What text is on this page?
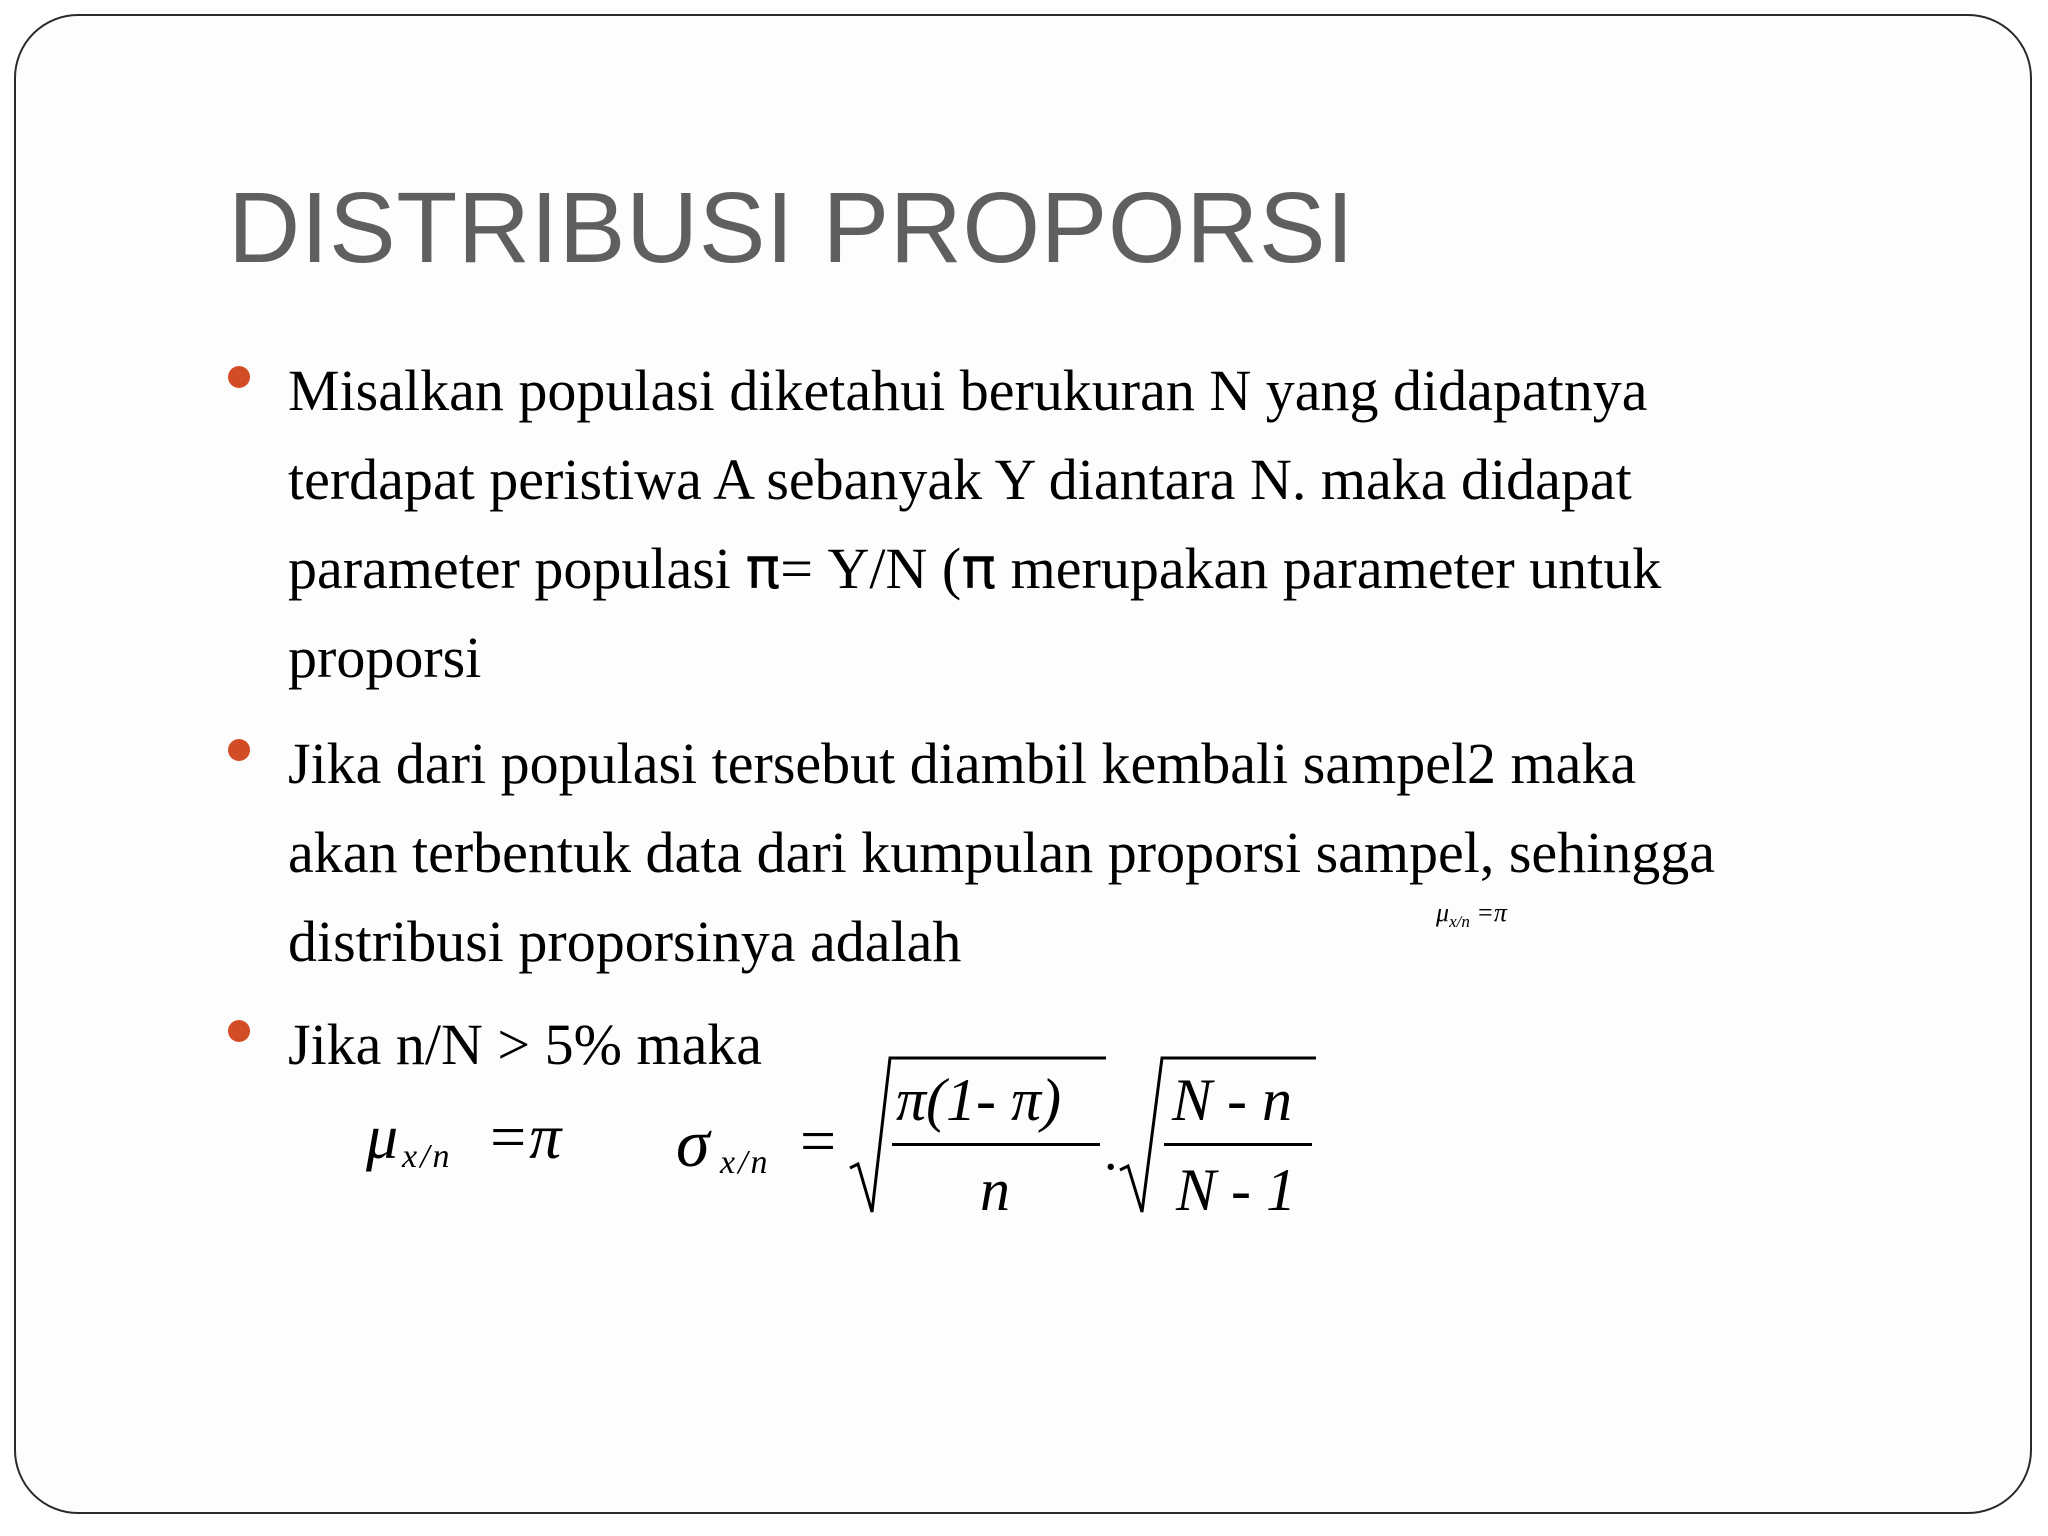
DISTRIBUSI PROPORSI
Misalkan populasi diketahui berukuran N yang didapatnya
terdapat peristiwa A sebanyak Y diantara N. maka didapat
parameter populasi π= Y/N (π merupakan parameter untuk
proporsi
Jika dari populasi tersebut diambil kembali sampel2 maka
akan terbentuk data dari kumpulan proporsi sampel, sehingga
distribusi proporsinya adalah
Jika n/N > 5% maka
$\mu_{x/n} =\pi$
μ x/n =π σ x/n =
π(1- π)
n
.
N - n
N - 1
